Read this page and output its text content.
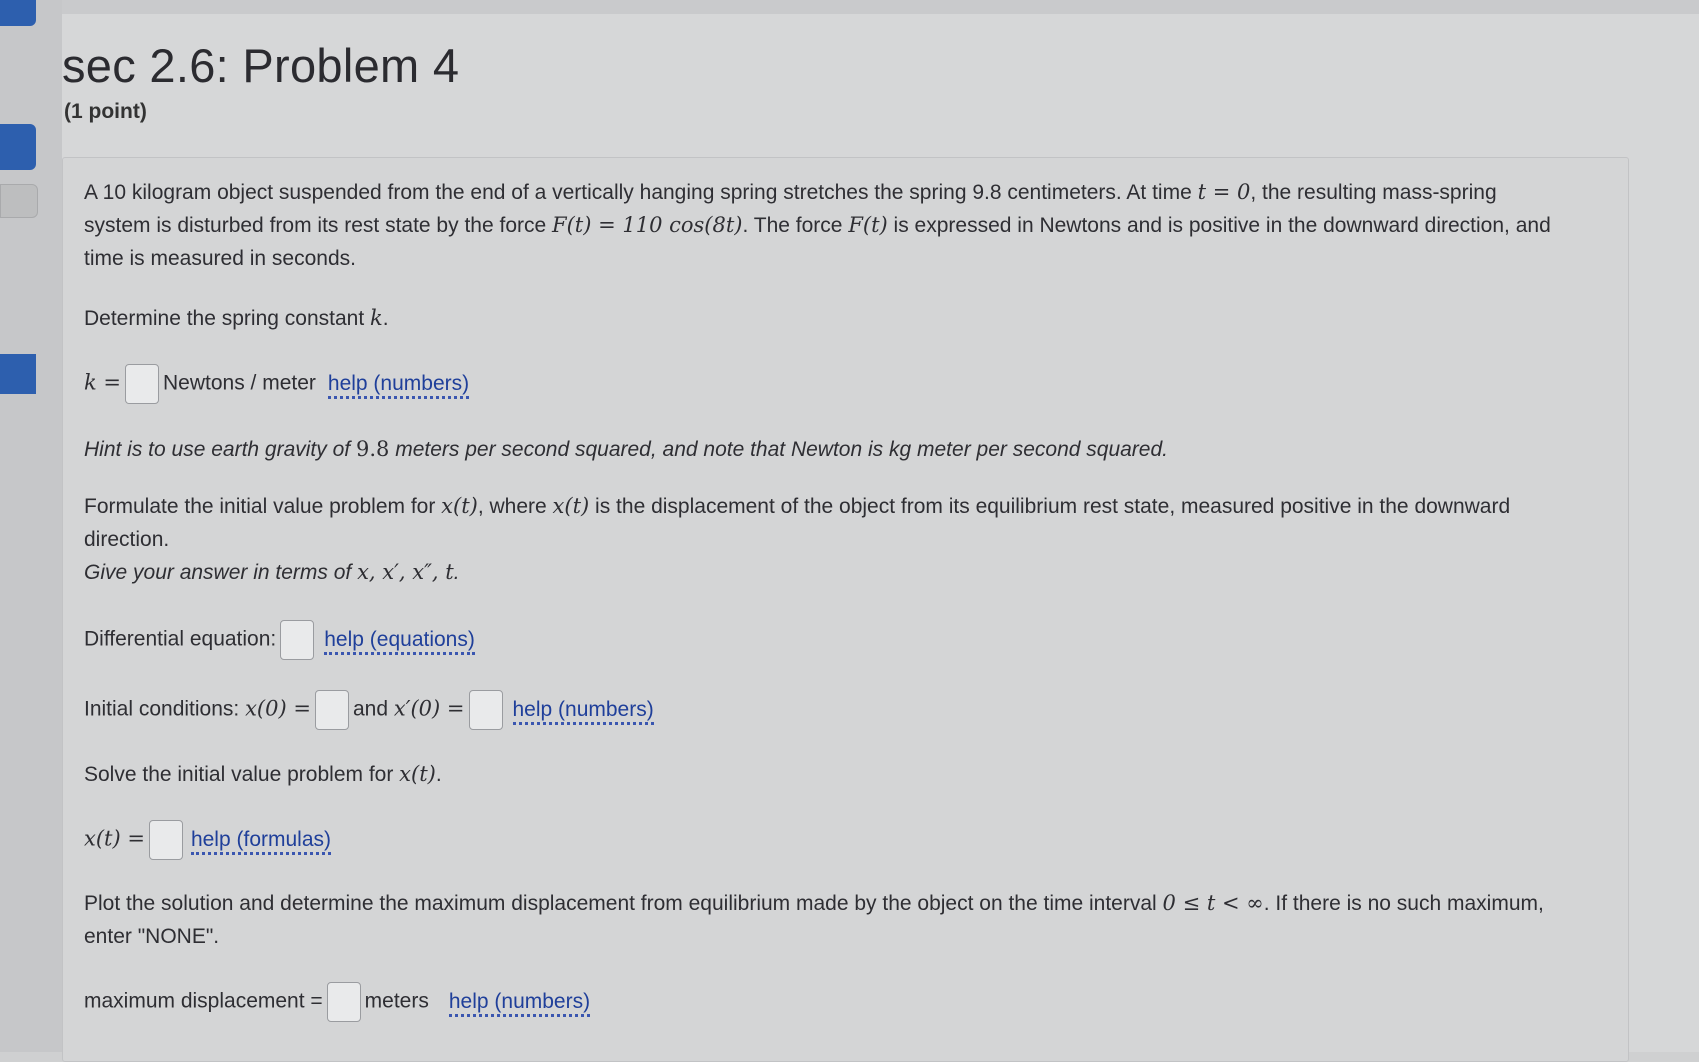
sec 2.6: Problem 4
(1 point)

A 10 kilogram object suspended from the end of a vertically hanging spring stretches the spring 9.8 centimeters. At time t = 0, the resulting mass-spring system is disturbed from its rest state by the force F(t) = 110 cos(8t). The force F(t) is expressed in Newtons and is positive in the downward direction, and time is measured in seconds.

Determine the spring constant k.

k = Newtons / meter help (numbers)

Hint is to use earth gravity of 9.8 meters per second squared, and note that Newton is kg meter per second squared.

Formulate the initial value problem for x(t), where x(t) is the displacement of the object from its equilibrium rest state, measured positive in the downward direction.

Give your answer in terms of x, x′, x″, t.

Differential equation: help (equations)

Initial conditions: x(0) = and x′(0) = help (numbers)

Solve the initial value problem for x(t).

x(t) = help (formulas)

Plot the solution and determine the maximum displacement from equilibrium made by the object on the time interval 0 ≤ t < ∞. If there is no such maximum, enter "NONE".

maximum displacement = meters help (numbers)
